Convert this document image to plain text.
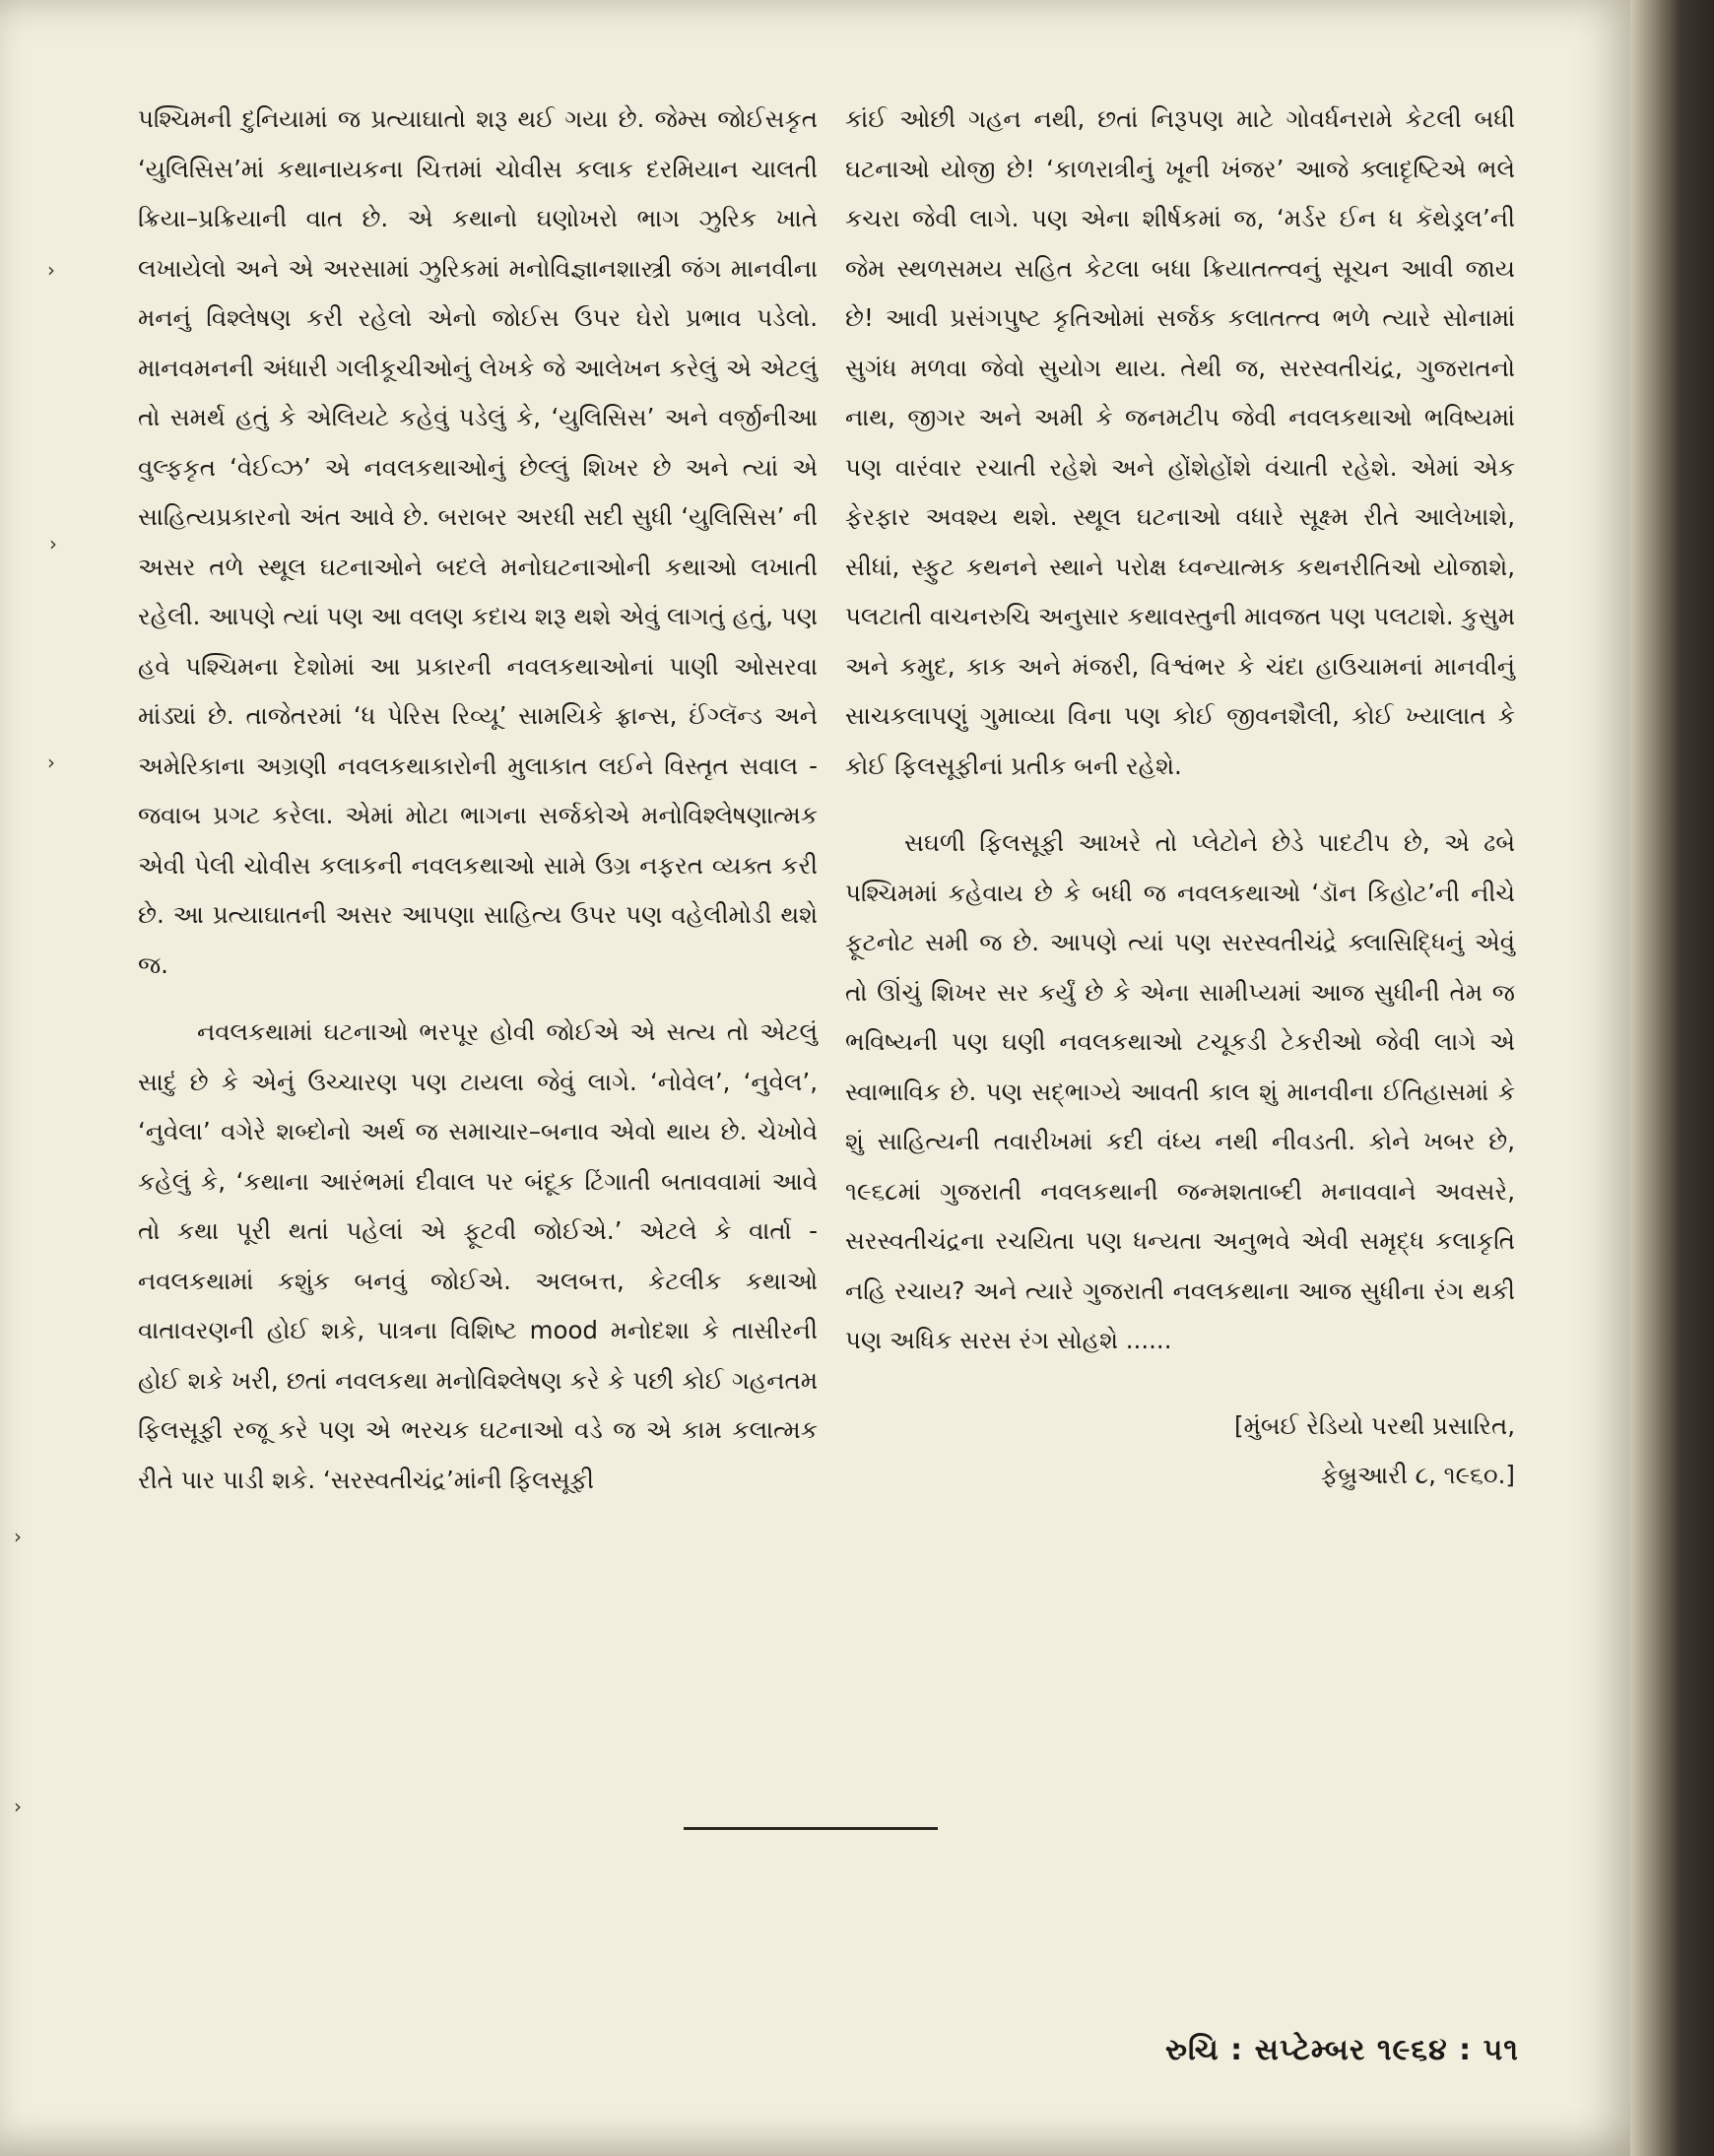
પશ્ચિમની દુનિયામાં જ પ્રત્યાઘાતો શરૂ થઈ ગયા છે. જેમ્સ જોઈસકૃત ‘યુલિસિસ’માં કથાનાયકના ચિત્તમાં ચોવીસ કલાક દરમિયાન ચાલતી ક્રિયા–પ્રક્રિયાની વાત છે. એ કથાનો ઘણોખરો ભાગ ઝુરિક ખાતે લખાયેલો અને એ અરસામાં ઝુરિકમાં મનોવિજ્ઞાનશાસ્ત્રી જંગ માનવીના મનનું વિશ્લેષણ કરી રહેલો એનો જોઈસ ઉપર ઘેરો પ્રભાવ પડેલો. માનવમનની અંધારી ગલીકૂચીઓનું લેખકે જે આલેખન કરેલું એ એટલું તો સમર્થ હતું કે એલિયટે કહેવું પડેલું કે, ‘યુલિસિસ’ અને વર્જીનીઆ વુલ્ફકૃત ‘વેઈવ્ઝ’ એ નવલકથાઓનું છેલ્લું શિખર છે અને ત્યાં એ સાહિત્યપ્રકારનો અંત આવે છે. બરાબર અરધી સદી સુધી ‘યુલિસિસ’ ની અસર તળે સ્થૂલ ઘટનાઓને બદલે મનોઘટનાઓની કથાઓ લખાતી રહેલી. આપણે ત્યાં પણ આ વલણ કદાચ શરૂ થશે એવું લાગતું હતું, પણ હવે પશ્ચિમના દેશોમાં આ પ્રકારની નવલકથાઓનાં પાણી ઓસરવા માંડ્યાં છે. તાજેતરમાં ‘ધ પેરિસ રિવ્યૂ’ સામયિકે ફ્રાન્સ, ઈંગ્લૅન્ડ અને અમેરિકાના અગ્રણી નવલકથાકારોની મુલાકાત લઈને વિસ્તૃત સવાલ - જવાબ પ્રગટ કરેલા. એમાં મોટા ભાગના સર્જકોએ મનોવિશ્લેષણાત્મક એવી પેલી ચોવીસ કલાકની નવલકથાઓ સામે ઉગ્ર નફરત વ્યક્ત કરી છે. આ પ્રત્યાઘાતની અસર આપણા સાહિત્ય ઉપર પણ વહેલીમોડી થશે જ.

નવલકથામાં ઘટનાઓ ભરપૂર હોવી જોઈએ એ સત્ય તો એટલું સાદું છે કે એનું ઉચ્ચારણ પણ ટાયલા જેવું લાગે. ‘નોવેલ’, ‘નુવેલ’, ‘નુવેલા’ વગેરે શબ્દોનો અર્થ જ સમાચાર–બનાવ એવો થાય છે. ચેખોવે કહેલું કે, ‘કથાના આરંભમાં દીવાલ પર બંદૂક ટિંગાતી બતાવવામાં આવે તો કથા પૂરી થતાં પહેલાં એ ફૂટવી જોઈએ.’ એટલે કે વાર્તા - નવલકથામાં કશુંક બનવું જોઈએ. અલબત્ત, કેટલીક કથાઓ વાતાવરણની હોઈ શકે, પાત્રના વિશિષ્ટ mood મનોદશા કે તાસીરની હોઈ શકે ખરી, છતાં નવલકથા મનોવિશ્લેષણ કરે કે પછી કોઈ ગહનતમ ફિલસૂફી રજૂ કરે પણ એ ભરચક ઘટનાઓ વડે જ એ કામ કલાત્મક રીતે પાર પાડી શકે. ‘સરસ્વતીચંદ્ર’માંની ફિલસૂફી

કાંઈ ઓછી ગહન નથી, છતાં નિરૂપણ માટે ગોવર્ધનરામે કેટલી બધી ઘટનાઓ યોજી છે! ‘કાળરાત્રીનું ખૂની ખંજર’ આજે ક્લાદૃષ્ટિએ ભલે કચરા જેવી લાગે. પણ એના શીર્ષકમાં જ, ‘મર્ડર ઈન ધ કૅથેડ્રલ’ની જેમ સ્થળસમય સહિત કેટલા બધા ક્રિયાતત્ત્વનું સૂચન આવી જાય છે! આવી પ્રસંગપુષ્ટ કૃતિઓમાં સર્જક કલાતત્ત્વ ભળે ત્યારે સોનામાં સુગંધ મળવા જેવો સુયોગ થાય. તેથી જ, સરસ્વતીચંદ્ર, ગુજરાતનો નાથ, જીગર અને અમી કે જનમટીપ જેવી નવલકથાઓ ભવિષ્યમાં પણ વારંવાર રચાતી રહેશે અને હોંશેહોંશે વંચાતી રહેશે. એમાં એક ફેરફાર અવશ્ય થશે. સ્થૂલ ઘટનાઓ વધારે સૂક્ષ્મ રીતે આલેખાશે, સીધાં, સ્ફુટ કથનને સ્થાને પરોક્ષ ધ્વન્યાત્મક કથનરીતિઓ યોજાશે, પલટાતી વાચનરુચિ અનુસાર કથાવસ્તુની માવજત પણ પલટાશે. કુસુમ અને કમુદ, કાક અને મંજરી, વિશ્વંભર કે ચંદા હાઉચામનાં માનવીનું સાચકલાપણું ગુમાવ્યા વિના પણ કોઈ જીવનશૈલી, કોઈ ખ્યાલાત કે કોઈ ફિલસૂફીનાં પ્રતીક બની રહેશે.

સઘળી ફિલસૂફી આખરે તો પ્લેટોને છેડે પાદટીપ છે, એ ઢબે પશ્ચિમમાં કહેવાય છે કે બધી જ નવલકથાઓ ‘ડૉન કિહોટ’ની નીચે ફૂટનોટ સમી જ છે. આપણે ત્યાં પણ સરસ્વતીચંદ્રે ક્લાસિદ્ધિનું એવું તો ઊંચું શિખર સર કર્યું છે કે એના સામીપ્યમાં આજ સુધીની તેમ જ ભવિષ્યની પણ ઘણી નવલકથાઓ ટચૂકડી ટેકરીઓ જેવી લાગે એ સ્વાભાવિક છે. પણ સદ્ભાગ્યે આવતી કાલ શું માનવીના ઈતિહાસમાં કે શું સાહિત્યની તવારીખમાં કદી વંધ્ય નથી નીવડતી. કોને ખબર છે, ૧૯૬૮માં ગુજરાતી નવલકથાની જન્મશતાબ્દી મનાવવાને અવસરે, સરસ્વતીચંદ્રના રચયિતા પણ ધન્યતા અનુભવે એવી સમૃદ્ધ કલાકૃતિ નહિ રચાય? અને ત્યારે ગુજરાતી નવલકથાના આજ સુધીના રંગ થકી પણ અધિક સરસ રંગ સોહશે ......

[મુંબઈ રેડિયો પરથી પ્રસારિત,
ફેબ્રુઆરી ૮, ૧૯૬૦.]
રુચિ : સપ્ટેમ્બર ૧૯૬૪ : ૫૧
›
›
›
›
›
